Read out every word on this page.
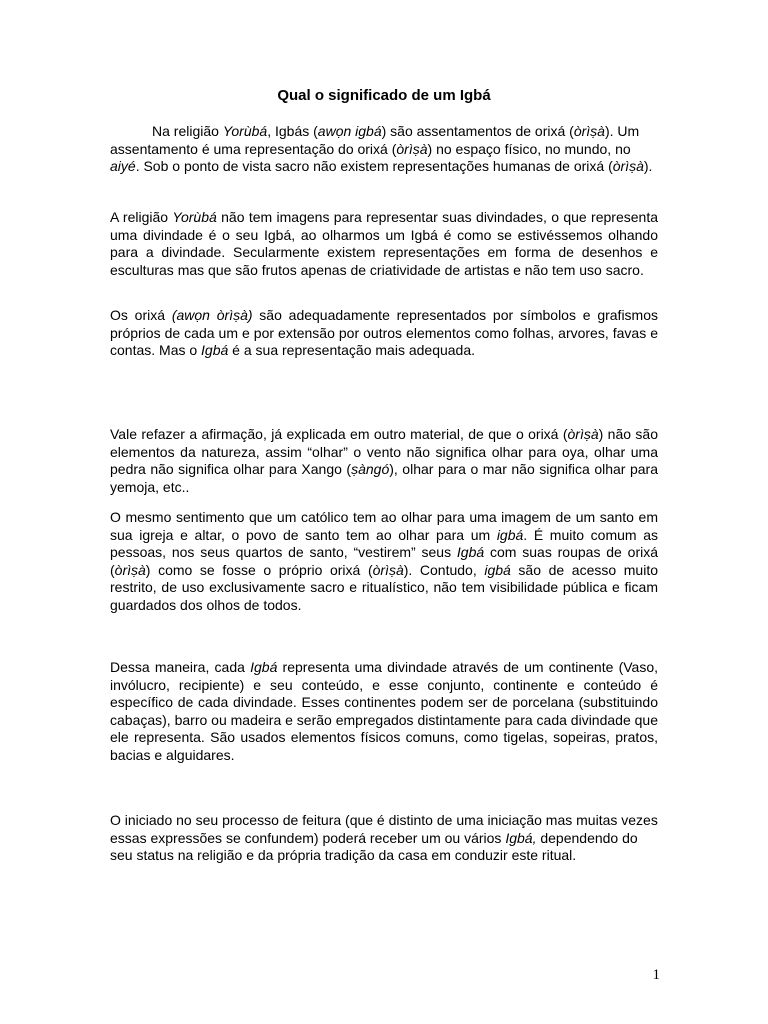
Qual o significado de um Igbá

Na religião Yorùbá, Igbás (awọn igbá) são assentamentos de orixá (òrìṣà). Um assentamento é uma representação do orixá (òrìṣà) no espaço físico, no mundo, no aiyé. Sob o ponto de vista sacro não existem representações humanas de orixá (òrìṣà).

A religião Yorùbá não tem imagens para representar suas divindades, o que representa uma divindade é o seu Igbá, ao olharmos um Igbá é como se estivéssemos olhando para a divindade. Secularmente existem representações em forma de desenhos e esculturas mas que são frutos apenas de criatividade de artistas e não tem uso sacro.

Os orixá (awọn òrìṣà) são adequadamente representados por símbolos e grafismos próprios de cada um e por extensão por outros elementos como folhas, arvores, favas e contas. Mas o Igbá é a sua representação mais adequada.

Vale refazer a afirmação, já explicada em outro material, de que o orixá (òrìṣà) não são elementos da natureza, assim “olhar” o vento não significa olhar para oya, olhar uma pedra não significa olhar para Xango (ṣàngó), olhar para o mar não significa olhar para yemoja, etc..

O mesmo sentimento que um católico tem ao olhar para uma imagem de um santo em sua igreja e altar, o povo de santo tem ao olhar para um igbá. É muito comum as pessoas, nos seus quartos de santo, “vestirem” seus Igbá com suas roupas de orixá (òrìṣà) como se fosse o próprio orixá (òrìṣà). Contudo, igbá são de acesso muito restrito, de uso exclusivamente sacro e ritualístico, não tem visibilidade pública e ficam guardados dos olhos de todos.

Dessa maneira, cada Igbá representa uma divindade através de um continente (Vaso, invólucro, recipiente) e seu conteúdo, e esse conjunto, continente e conteúdo é específico de cada divindade. Esses continentes podem ser de porcelana (substituindo cabaças), barro ou madeira e serão empregados distintamente para cada divindade que ele representa. São usados elementos físicos comuns, como tigelas, sopeiras, pratos, bacias e alguidares.

O iniciado no seu processo de feitura (que é distinto de uma iniciação mas muitas vezes essas expressões se confundem) poderá receber um ou vários Igbá, dependendo do seu status na religião e da própria tradição da casa em conduzir este ritual.

1
